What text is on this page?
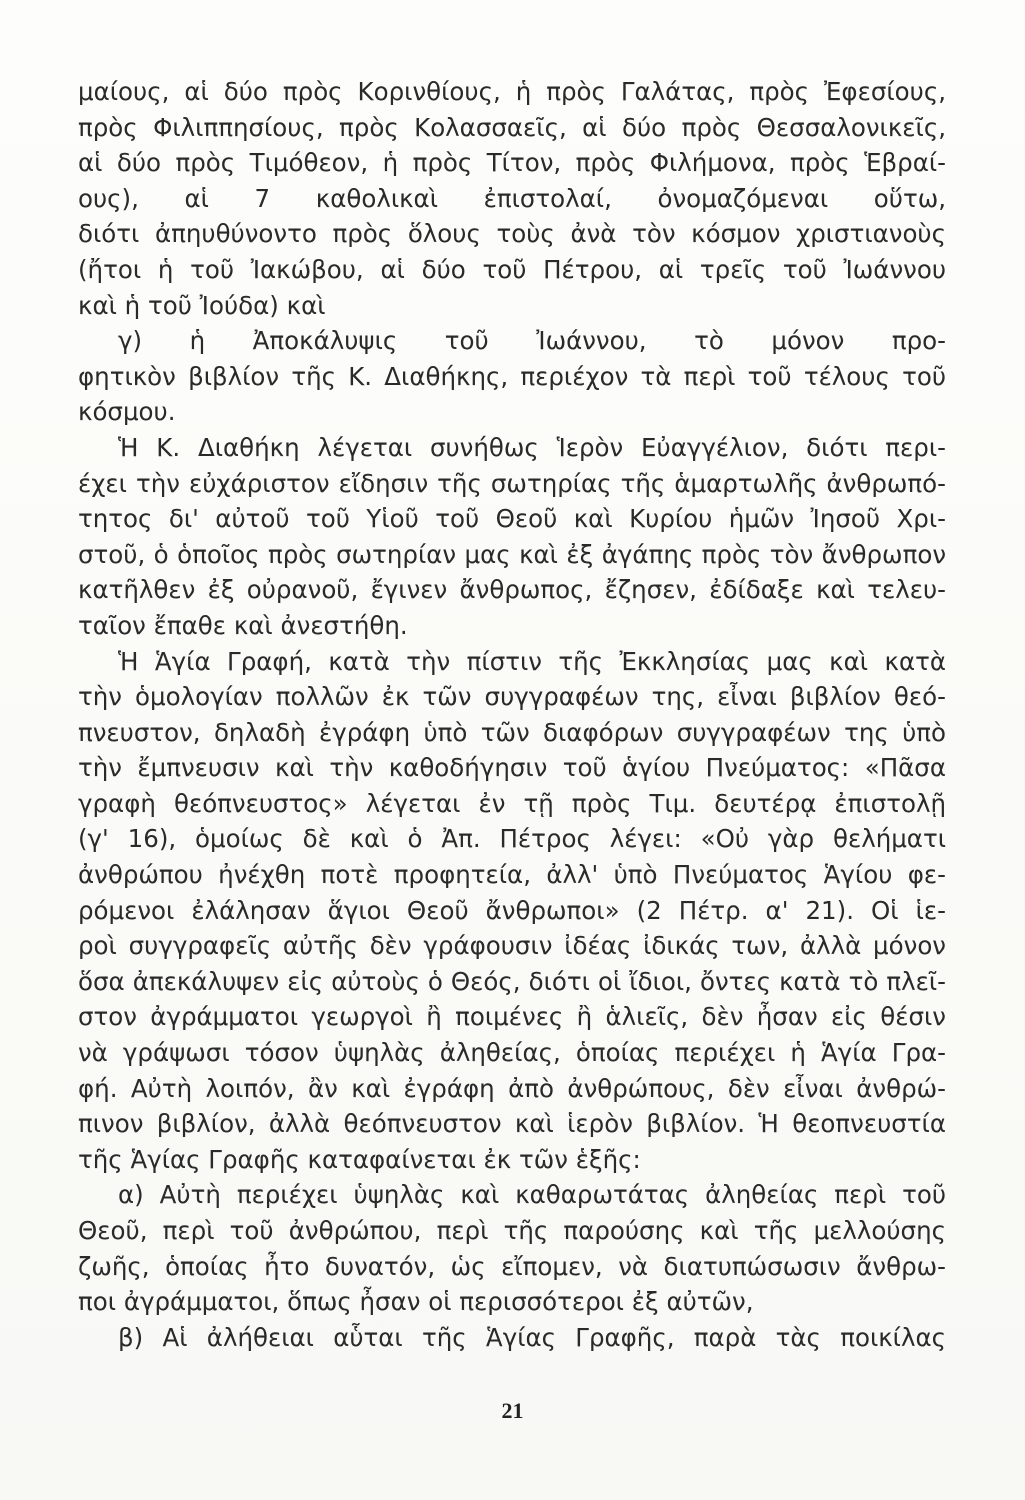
μαίους, αἱ δύο πρὸς Κορινθίους, ἡ πρὸς Γαλάτας, πρὸς Ἐφεσίους,
πρὸς Φιλιππησίους, πρὸς Κολασσαεῖς, αἱ δύο πρὸς Θεσσαλονικεῖς,
αἱ δύο πρὸς Τιμόθεον, ἡ πρὸς Τίτον, πρὸς Φιλήμονα, πρὸς Ἑβραί-
ους), αἱ 7 καθολικαὶ ἐπιστολαί, ὀνομαζόμεναι οὕτω,
διότι ἀπηυθύνοντο πρὸς ὅλους τοὺς ἀνὰ τὸν κόσμον χριστιανοὺς
(ἤτοι ἡ τοῦ Ἰακώβου, αἱ δύο τοῦ Πέτρου, αἱ τρεῖς τοῦ Ἰωάννου
καὶ ἡ τοῦ Ἰούδα) καὶ
γ) ἡ Ἀποκάλυψις τοῦ Ἰωάννου, τὸ μόνον προ-
φητικὸν βιβλίον τῆς Κ. Διαθήκης, περιέχον τὰ περὶ τοῦ τέλους τοῦ
κόσμου.
Ἡ Κ. Διαθήκη λέγεται συνήθως Ἱερὸν Εὐαγγέλιον, διότι περι-
έχει τὴν εὐχάριστον εἴδησιν τῆς σωτηρίας τῆς ἁμαρτωλῆς ἀνθρωπό-
τητος δι' αὐτοῦ τοῦ Υἱοῦ τοῦ Θεοῦ καὶ Κυρίου ἡμῶν Ἰησοῦ Χρι-
στοῦ, ὁ ὁποῖος πρὸς σωτηρίαν μας καὶ ἐξ ἀγάπης πρὸς τὸν ἄνθρωπον
κατῆλθεν ἐξ οὐρανοῦ, ἔγινεν ἄνθρωπος, ἔζησεν, ἐδίδαξε καὶ τελευ-
ταῖον ἔπαθε καὶ ἀνεστήθη.
Ἡ Ἁγία Γραφή, κατὰ τὴν πίστιν τῆς Ἐκκλησίας μας καὶ κατὰ
τὴν ὁμολογίαν πολλῶν ἐκ τῶν συγγραφέων της, εἶναι βιβλίον θεό-
πνευστον, δηλαδὴ ἐγράφη ὑπὸ τῶν διαφόρων συγγραφέων της ὑπὸ
τὴν ἔμπνευσιν καὶ τὴν καθοδήγησιν τοῦ ἁγίου Πνεύματος: «Πᾶσα
γραφὴ θεόπνευστος» λέγεται ἐν τῇ πρὸς Τιμ. δευτέρᾳ ἐπιστολῇ
(γ' 16), ὁμοίως δὲ καὶ ὁ Ἀπ. Πέτρος λέγει: «Οὐ γὰρ θελήματι
ἀνθρώπου ἠνέχθη ποτὲ προφητεία, ἀλλ' ὑπὸ Πνεύματος Ἁγίου φε-
ρόμενοι ἐλάλησαν ἅγιοι Θεοῦ ἄνθρωποι» (2 Πέτρ. α' 21). Οἱ ἱε-
ροὶ συγγραφεῖς αὐτῆς δὲν γράφουσιν ἰδέας ἰδικάς των, ἀλλὰ μόνον
ὅσα ἀπεκάλυψεν εἰς αὐτοὺς ὁ Θεός, διότι οἱ ἴδιοι, ὄντες κατὰ τὸ πλεῖ-
στον ἀγράμματοι γεωργοὶ ἢ ποιμένες ἢ ἁλιεῖς, δὲν ἦσαν εἰς θέσιν
νὰ γράψωσι τόσον ὑψηλὰς ἀληθείας, ὁποίας περιέχει ἡ Ἁγία Γρα-
φή. Αὐτὴ λοιπόν, ἂν καὶ ἐγράφη ἀπὸ ἀνθρώπους, δὲν εἶναι ἀνθρώ-
πινον βιβλίον, ἀλλὰ θεόπνευστον καὶ ἱερὸν βιβλίον. Ἡ θεοπνευστία
τῆς Ἁγίας Γραφῆς καταφαίνεται ἐκ τῶν ἑξῆς:
α) Αὐτὴ περιέχει ὑψηλὰς καὶ καθαρωτάτας ἀληθείας περὶ τοῦ
Θεοῦ, περὶ τοῦ ἀνθρώπου, περὶ τῆς παρούσης καὶ τῆς μελλούσης
ζωῆς, ὁποίας ἦτο δυνατόν, ὡς εἴπομεν, νὰ διατυπώσωσιν ἄνθρω-
ποι ἀγράμματοι, ὅπως ἦσαν οἱ περισσότεροι ἐξ αὐτῶν,
β) Αἱ ἀλήθειαι αὗται τῆς Ἁγίας Γραφῆς, παρὰ τὰς ποικίλας
21
